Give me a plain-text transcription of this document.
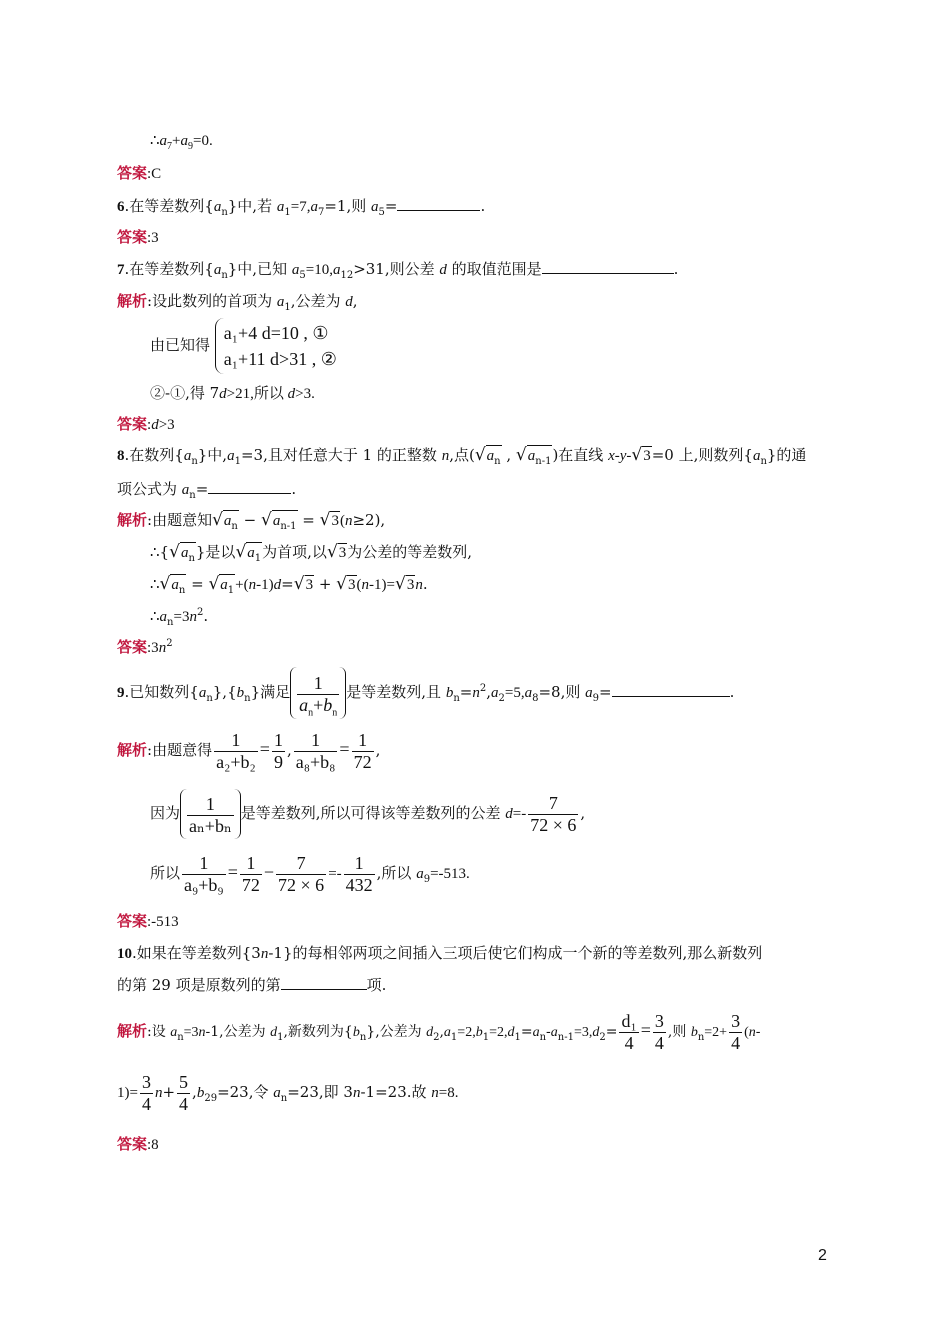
$\therefore a_7+a_9=0$.
答案:C
6.在等差数列$\{a_n\}$中,若 $a_1=7,a_7=1$,则 $a_5=$	.
答案:3
7.在等差数列$\{a_n\}$中,已知 $a_5=10,a_{12}>31$,则公差 d 的取值范围是	.
解析:设此数列的首项为 $a_1$,公差为 d,
由已知得
a₁+4 d=10 , ①
a₁+11 d>31 , ②
②-①,得 7d>21,所以 d>3.
答案:d>3
8.在数列$\{a_n\}$中$,a_1=3$,且对任意大于 1 的正整数 n,点($√a_n$ , $√a_{n-1}$)在直线 x-y-√3=0 上,则数列$\{a_n\}$的通
项公式为 $a_n=$	.
解析:由题意知$√a_n - √a_{n-1} = √3(n\ge 2)$,
$\therefore\{√a_n\}$是以$√a_1$为首项,以√3为公差的等差数列,
$\therefore√a_n = √a_1+(n-1)d=√3 + √3(n-1)=√3n$.
$\therefore a_n=3n^2$.
答案$:3n^2$
9.已知数列$\{a_n\},\{b_n\}$满足 $\frac{1}{a_n+b_n}$ 是等差数列,且 $b_n=n^2,a_2=5,a_8=8$,则 $a_9=$	.
解析:由题意得 $\frac{1}{\text{a₂+b₂}} = \frac{1}{9}$ , $\frac{1}{\text{a₈+b₈}} = \frac{1}{72}$ ,
因为 $\frac{1}{\text{aₙ+bₙ}}$ 是等差数列,所以可得该等差数列的公差 $d=- \frac{7}{72 \times 6}$ ,
所以 $\frac{1}{\text{a₉+b₉}} = \frac{1}{72} - \frac{7}{72 \times 6} =- \frac{1}{432}$ ,所以 $a_9=-513$.
答案:-513
10.如果在等差数列{3n-1}的每相邻两项之间插入三项后使它们构成一个新的等差数列,那么新数列
的第 29 项是原数列的第	项.
解析:设 $a_n=3n-1$,公差为 $d_1$,新数列为$\{b_n\}$,公差为 $d_2,a_1=2,b_1=2,d_1=a_n-a_{n-1}=3,d_2= \frac{\text{d₁}}{4} = \frac{3}{4}$ ,则 $b_n=2+ \frac{3}{4} (n-$
$1)= \frac{3}{4} n+ \frac{5}{4} ,b_{29}=23$,令 $a_n=23$,即 3n-1=23.故 n=8.
答案:8
2
